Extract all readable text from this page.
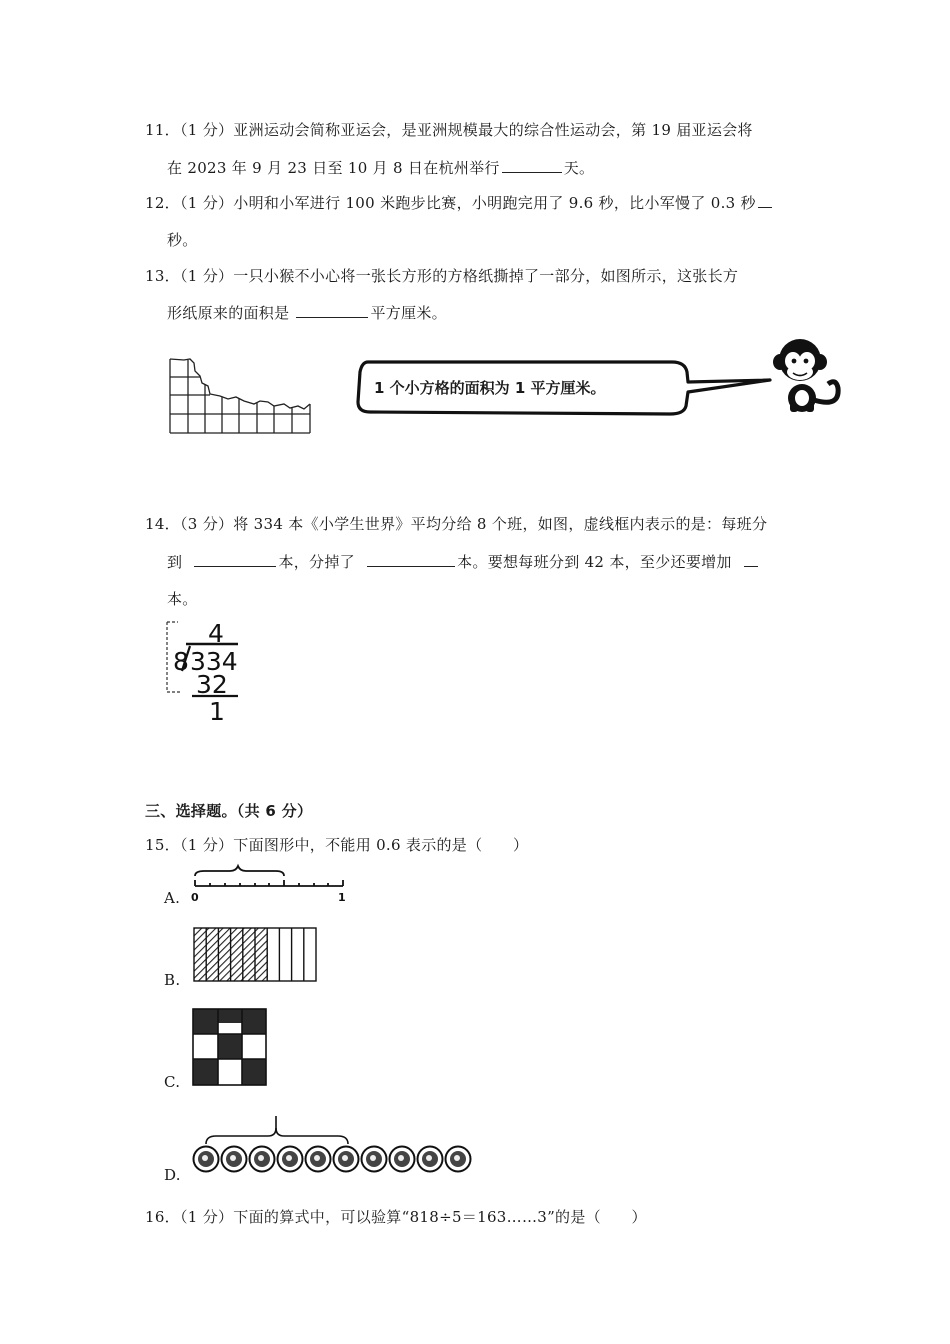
11．（1 分）亚洲运动会简称亚运会，是亚洲规模最大的综合性运动会，第 19 届亚运会将
在 2023 年 9 月 23 日至 10 月 8 日在杭州举行	天。
12．（1 分）小明和小军进行 100 米跑步比赛，小明跑完用了 9.6 秒，比小军慢了 0.3 秒
秒。
13．（1 分）一只小猴不小心将一张长方形的方格纸撕掉了一部分，如图所示，这张长方
形纸原来的面积是	平方厘米。
1 个小方格的面积为 1 平方厘米。
14．（3 分）将 334 本《小学生世界》平均分给 8 个班，如图，虚线框内表示的是：每班分
到	本，分掉了	本。要想每班分到 42 本，至少还要增加
本。
4
8 334
32
1
三、选择题。（共 6 分）
15．（1 分）下面图形中，不能用 0.6 表示的是（　　）
A. 0	1
B.
C.
D.
16．（1 分）下面的算式中，可以验算“818÷5＝163……3”的是（　　）
